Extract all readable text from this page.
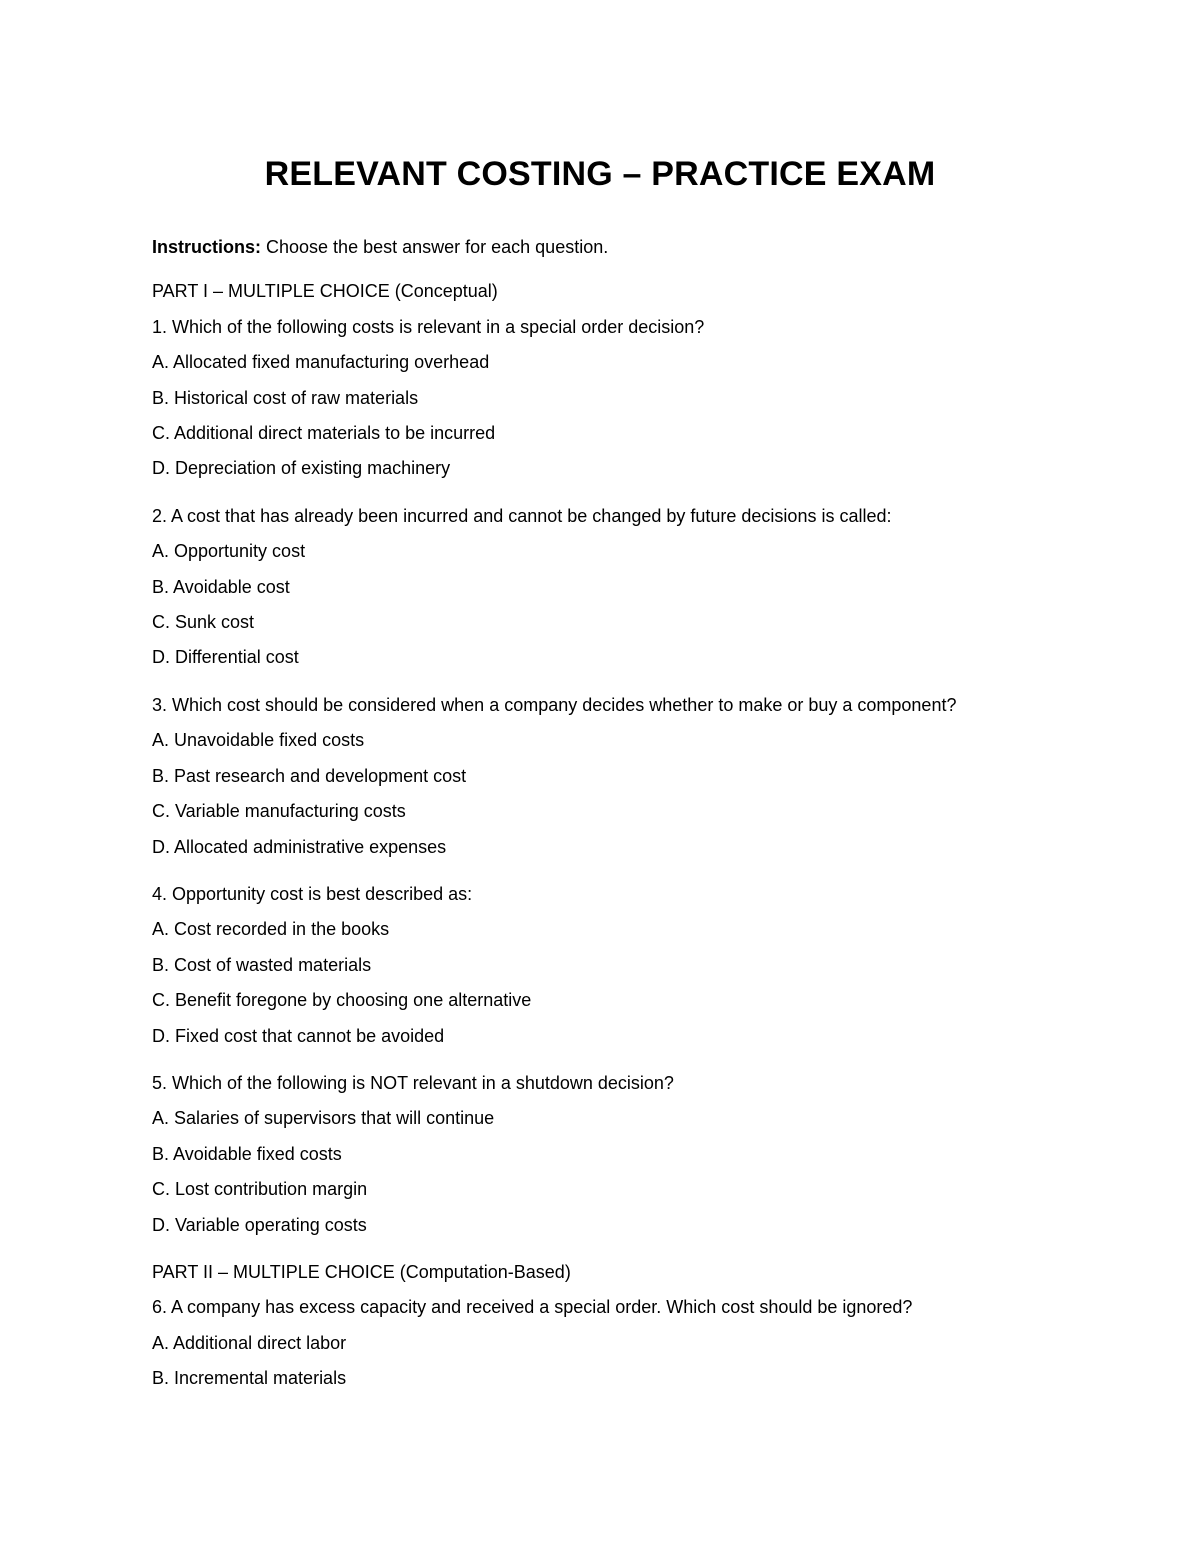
RELEVANT COSTING – PRACTICE EXAM

Instructions: Choose the best answer for each question.

PART I – MULTIPLE CHOICE (Conceptual)

1. Which of the following costs is relevant in a special order decision?

A. Allocated fixed manufacturing overhead

B. Historical cost of raw materials

C. Additional direct materials to be incurred

D. Depreciation of existing machinery

2. A cost that has already been incurred and cannot be changed by future decisions is called:

A. Opportunity cost

B. Avoidable cost

C. Sunk cost

D. Differential cost

3. Which cost should be considered when a company decides whether to make or buy a component?

A. Unavoidable fixed costs

B. Past research and development cost

C. Variable manufacturing costs

D. Allocated administrative expenses

4. Opportunity cost is best described as:

A. Cost recorded in the books

B. Cost of wasted materials

C. Benefit foregone by choosing one alternative

D. Fixed cost that cannot be avoided

5. Which of the following is NOT relevant in a shutdown decision?

A. Salaries of supervisors that will continue

B. Avoidable fixed costs

C. Lost contribution margin

D. Variable operating costs

PART II – MULTIPLE CHOICE (Computation-Based)

6. A company has excess capacity and received a special order. Which cost should be ignored?

A. Additional direct labor

B. Incremental materials
